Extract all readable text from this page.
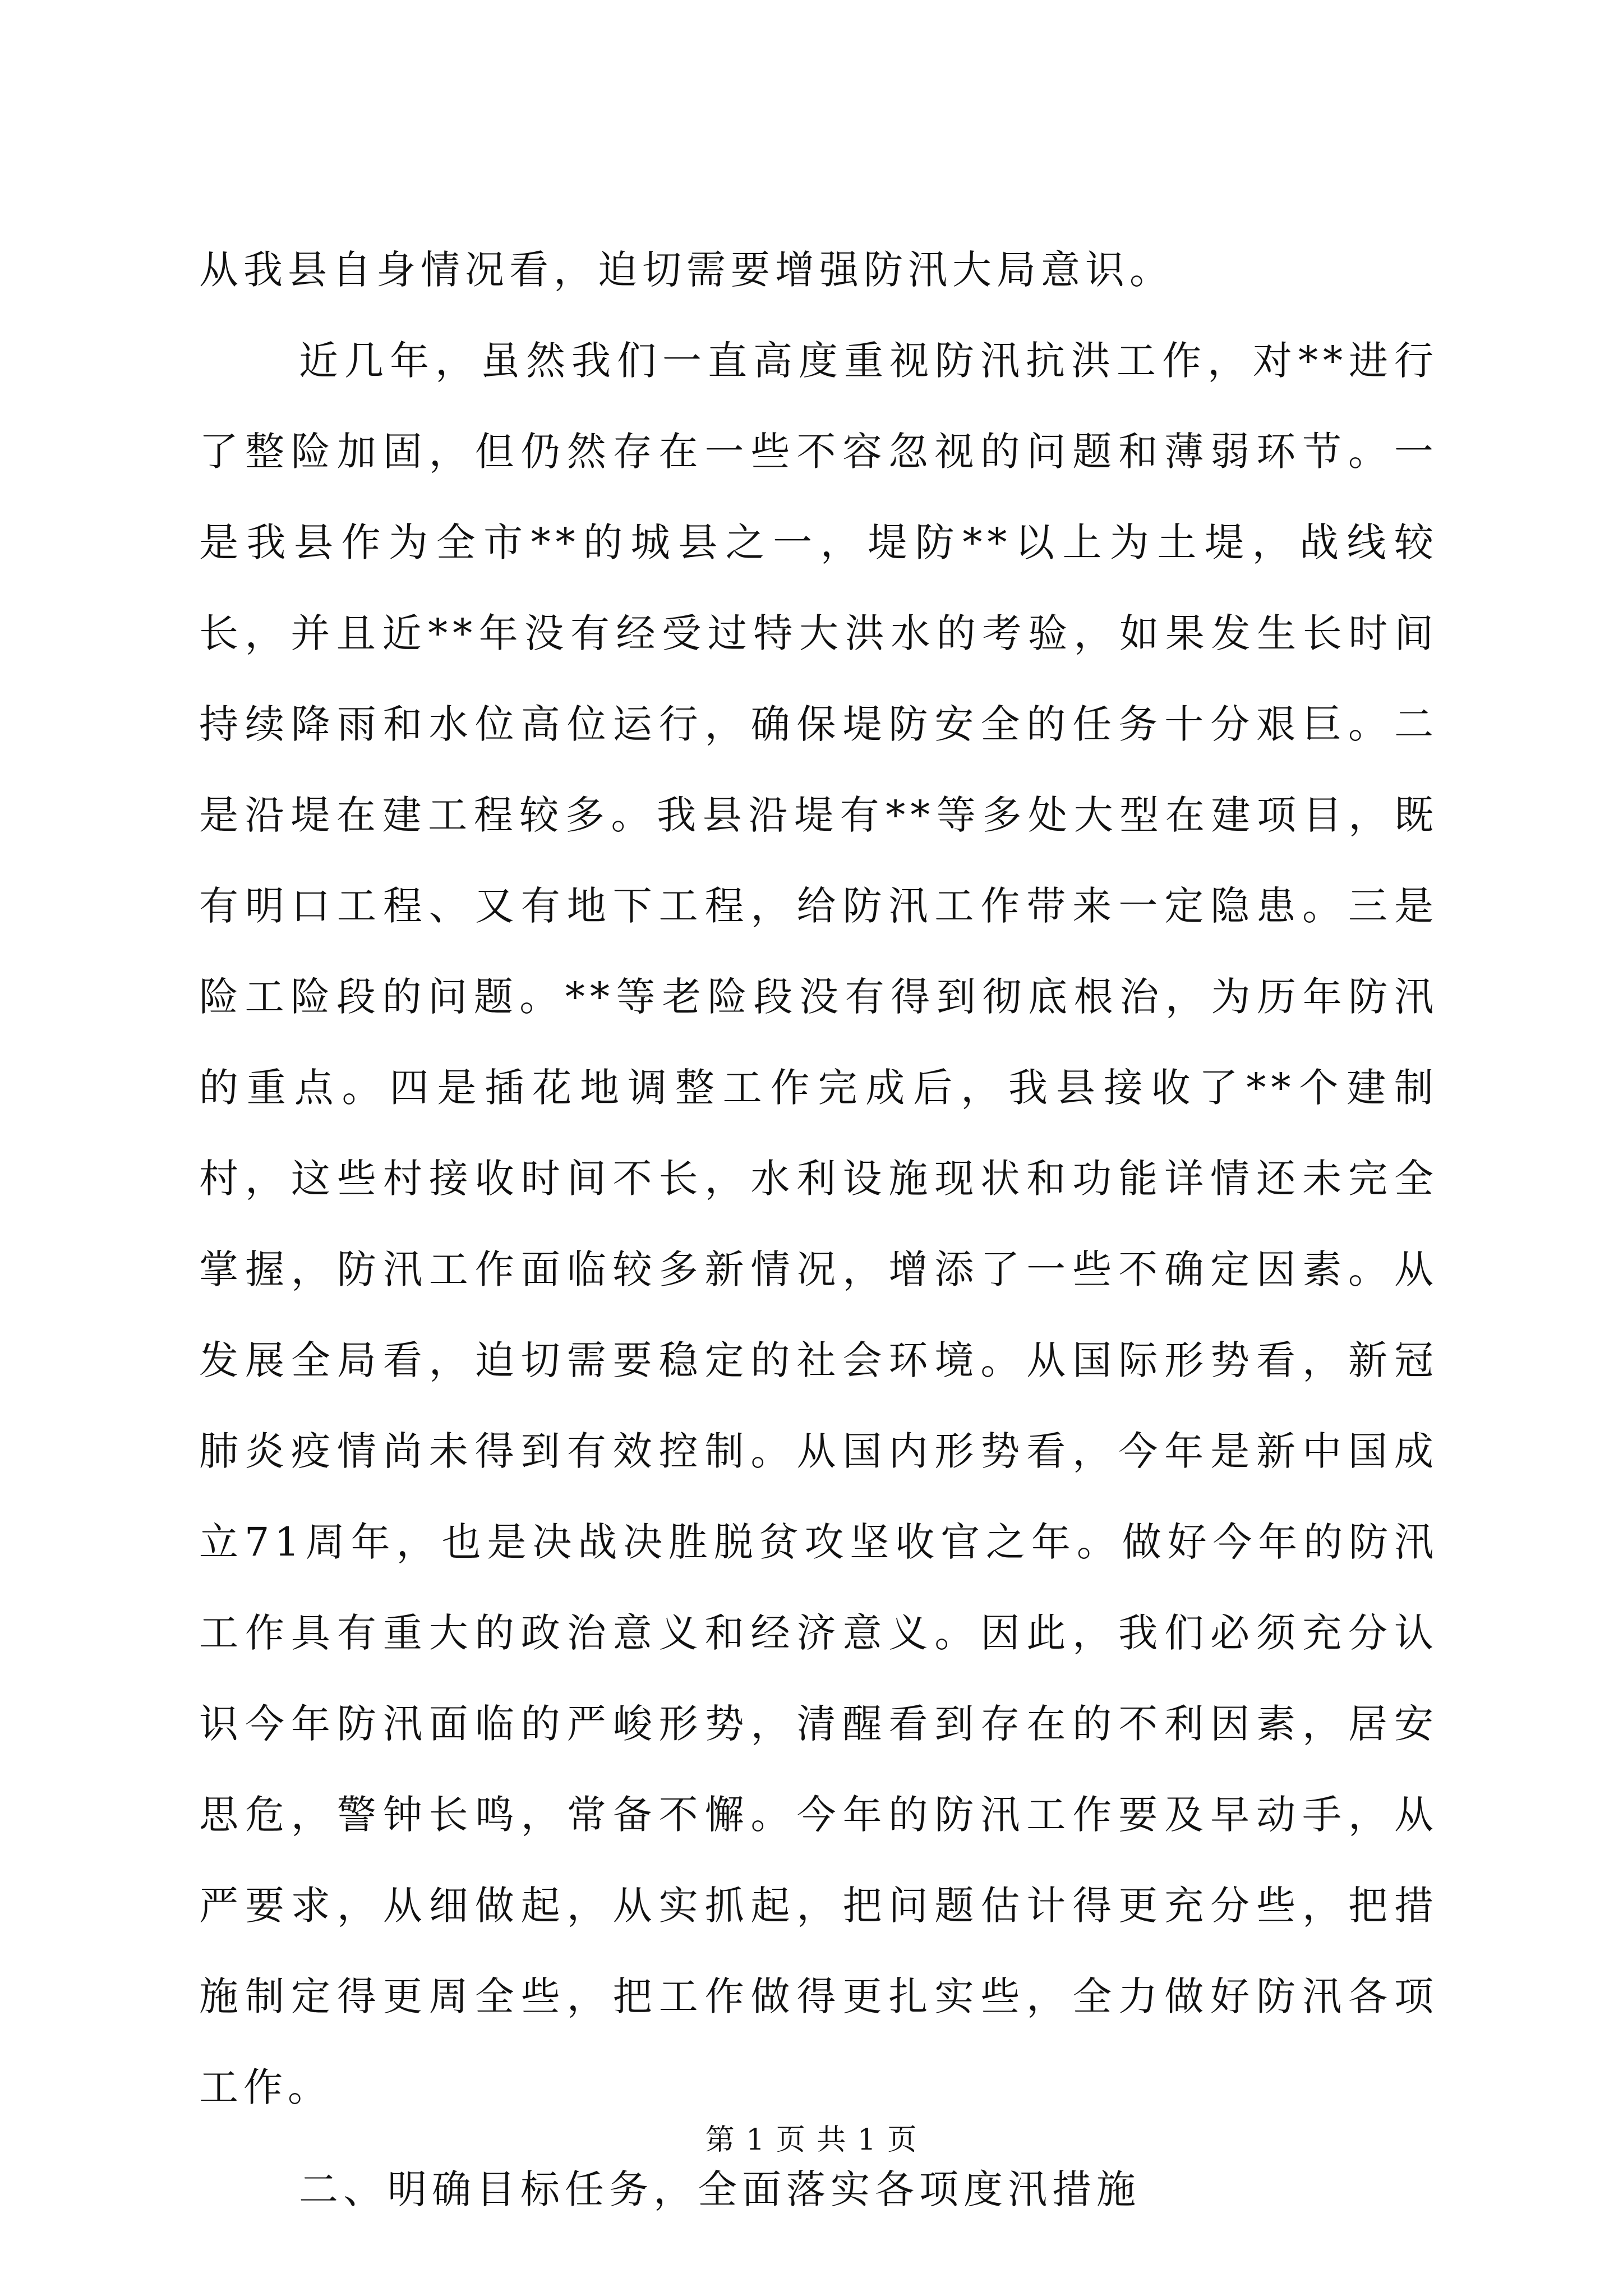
从我县自身情况看，迫切需要增强防汛大局意识。

近几年，虽然我们一直高度重视防汛抗洪工作，对**进行了整险加固，但仍然存在一些不容忽视的问题和薄弱环节。一是我县作为全市**的城县之一，堤防**以上为土堤，战线较长，并且近**年没有经受过特大洪水的考验，如果发生长时间持续降雨和水位高位运行，确保堤防安全的任务十分艰巨。二是沿堤在建工程较多。我县沿堤有**等多处大型在建项目，既有明口工程、又有地下工程，给防汛工作带来一定隐患。三是险工险段的问题。**等老险段没有得到彻底根治，为历年防汛的重点。四是插花地调整工作完成后，我县接收了**个建制村，这些村接收时间不长，水利设施现状和功能详情还未完全掌握，防汛工作面临较多新情况，增添了一些不确定因素。从发展全局看，迫切需要稳定的社会环境。从国际形势看，新冠肺炎疫情尚未得到有效控制。从国内形势看，今年是新中国成立71周年，也是决战决胜脱贫攻坚收官之年。做好今年的防汛工作具有重大的政治意义和经济意义。因此，我们必须充分认识今年防汛面临的严峻形势，清醒看到存在的不利因素，居安思危，警钟长鸣，常备不懈。今年的防汛工作要及早动手，从严要求，从细做起，从实抓起，把问题估计得更充分些，把措施制定得更周全些，把工作做得更扎实些，全力做好防汛各项工作。

二、明确目标任务，全面落实各项度汛措施

第 1 页 共 1 页
